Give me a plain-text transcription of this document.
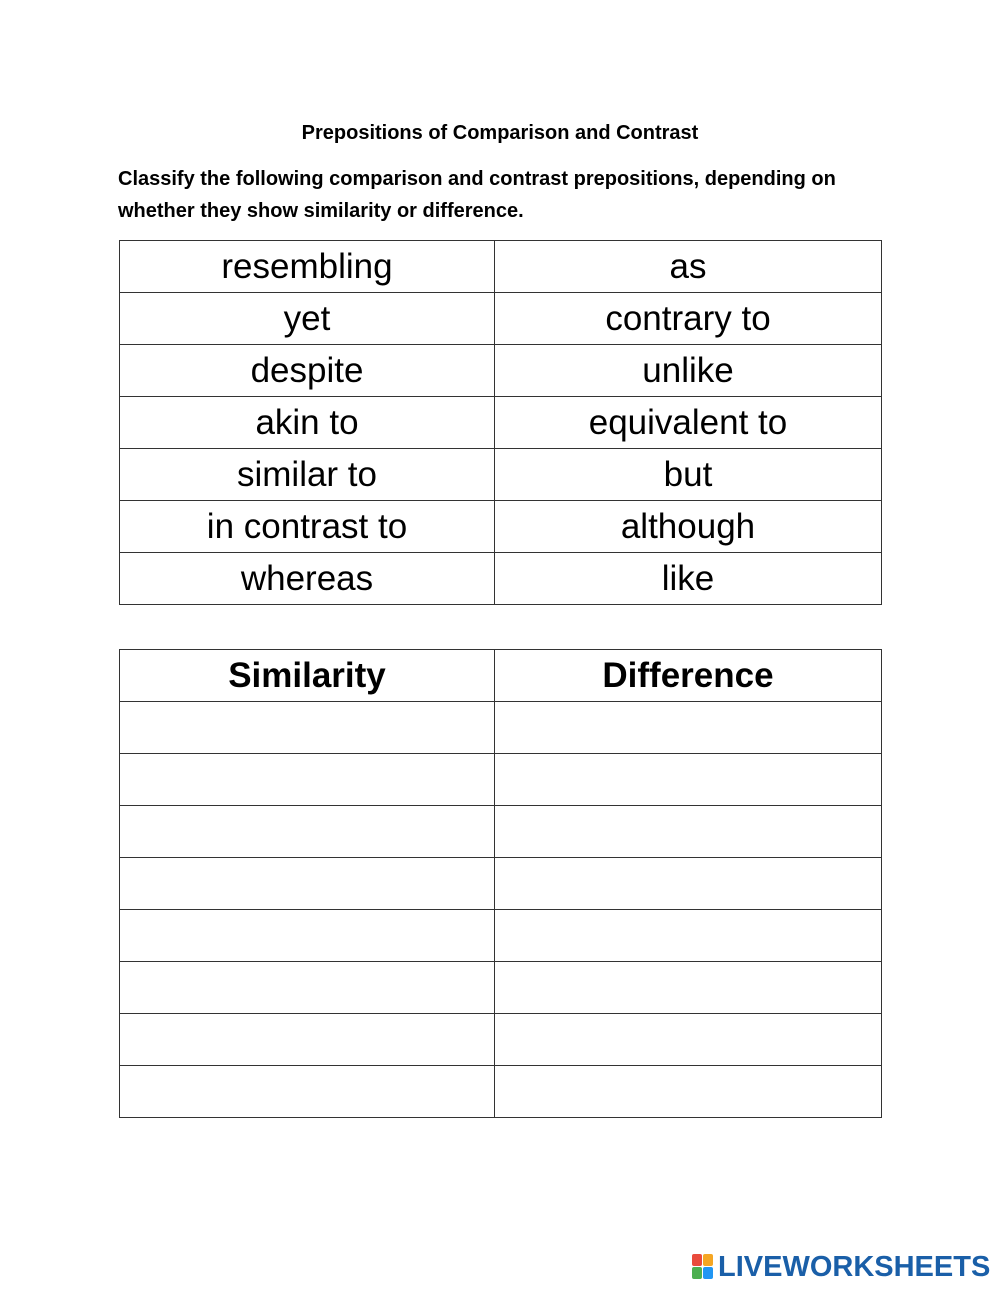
Prepositions of Comparison and Contrast
Classify the following comparison and contrast prepositions, depending on whether they show similarity or difference.
resembling	as
yet	contrary to
despite	unlike
akin to	equivalent to
similar to	but
in contrast to	although
whereas	like
Similarity	Difference

LIVEWORKSHEETS
